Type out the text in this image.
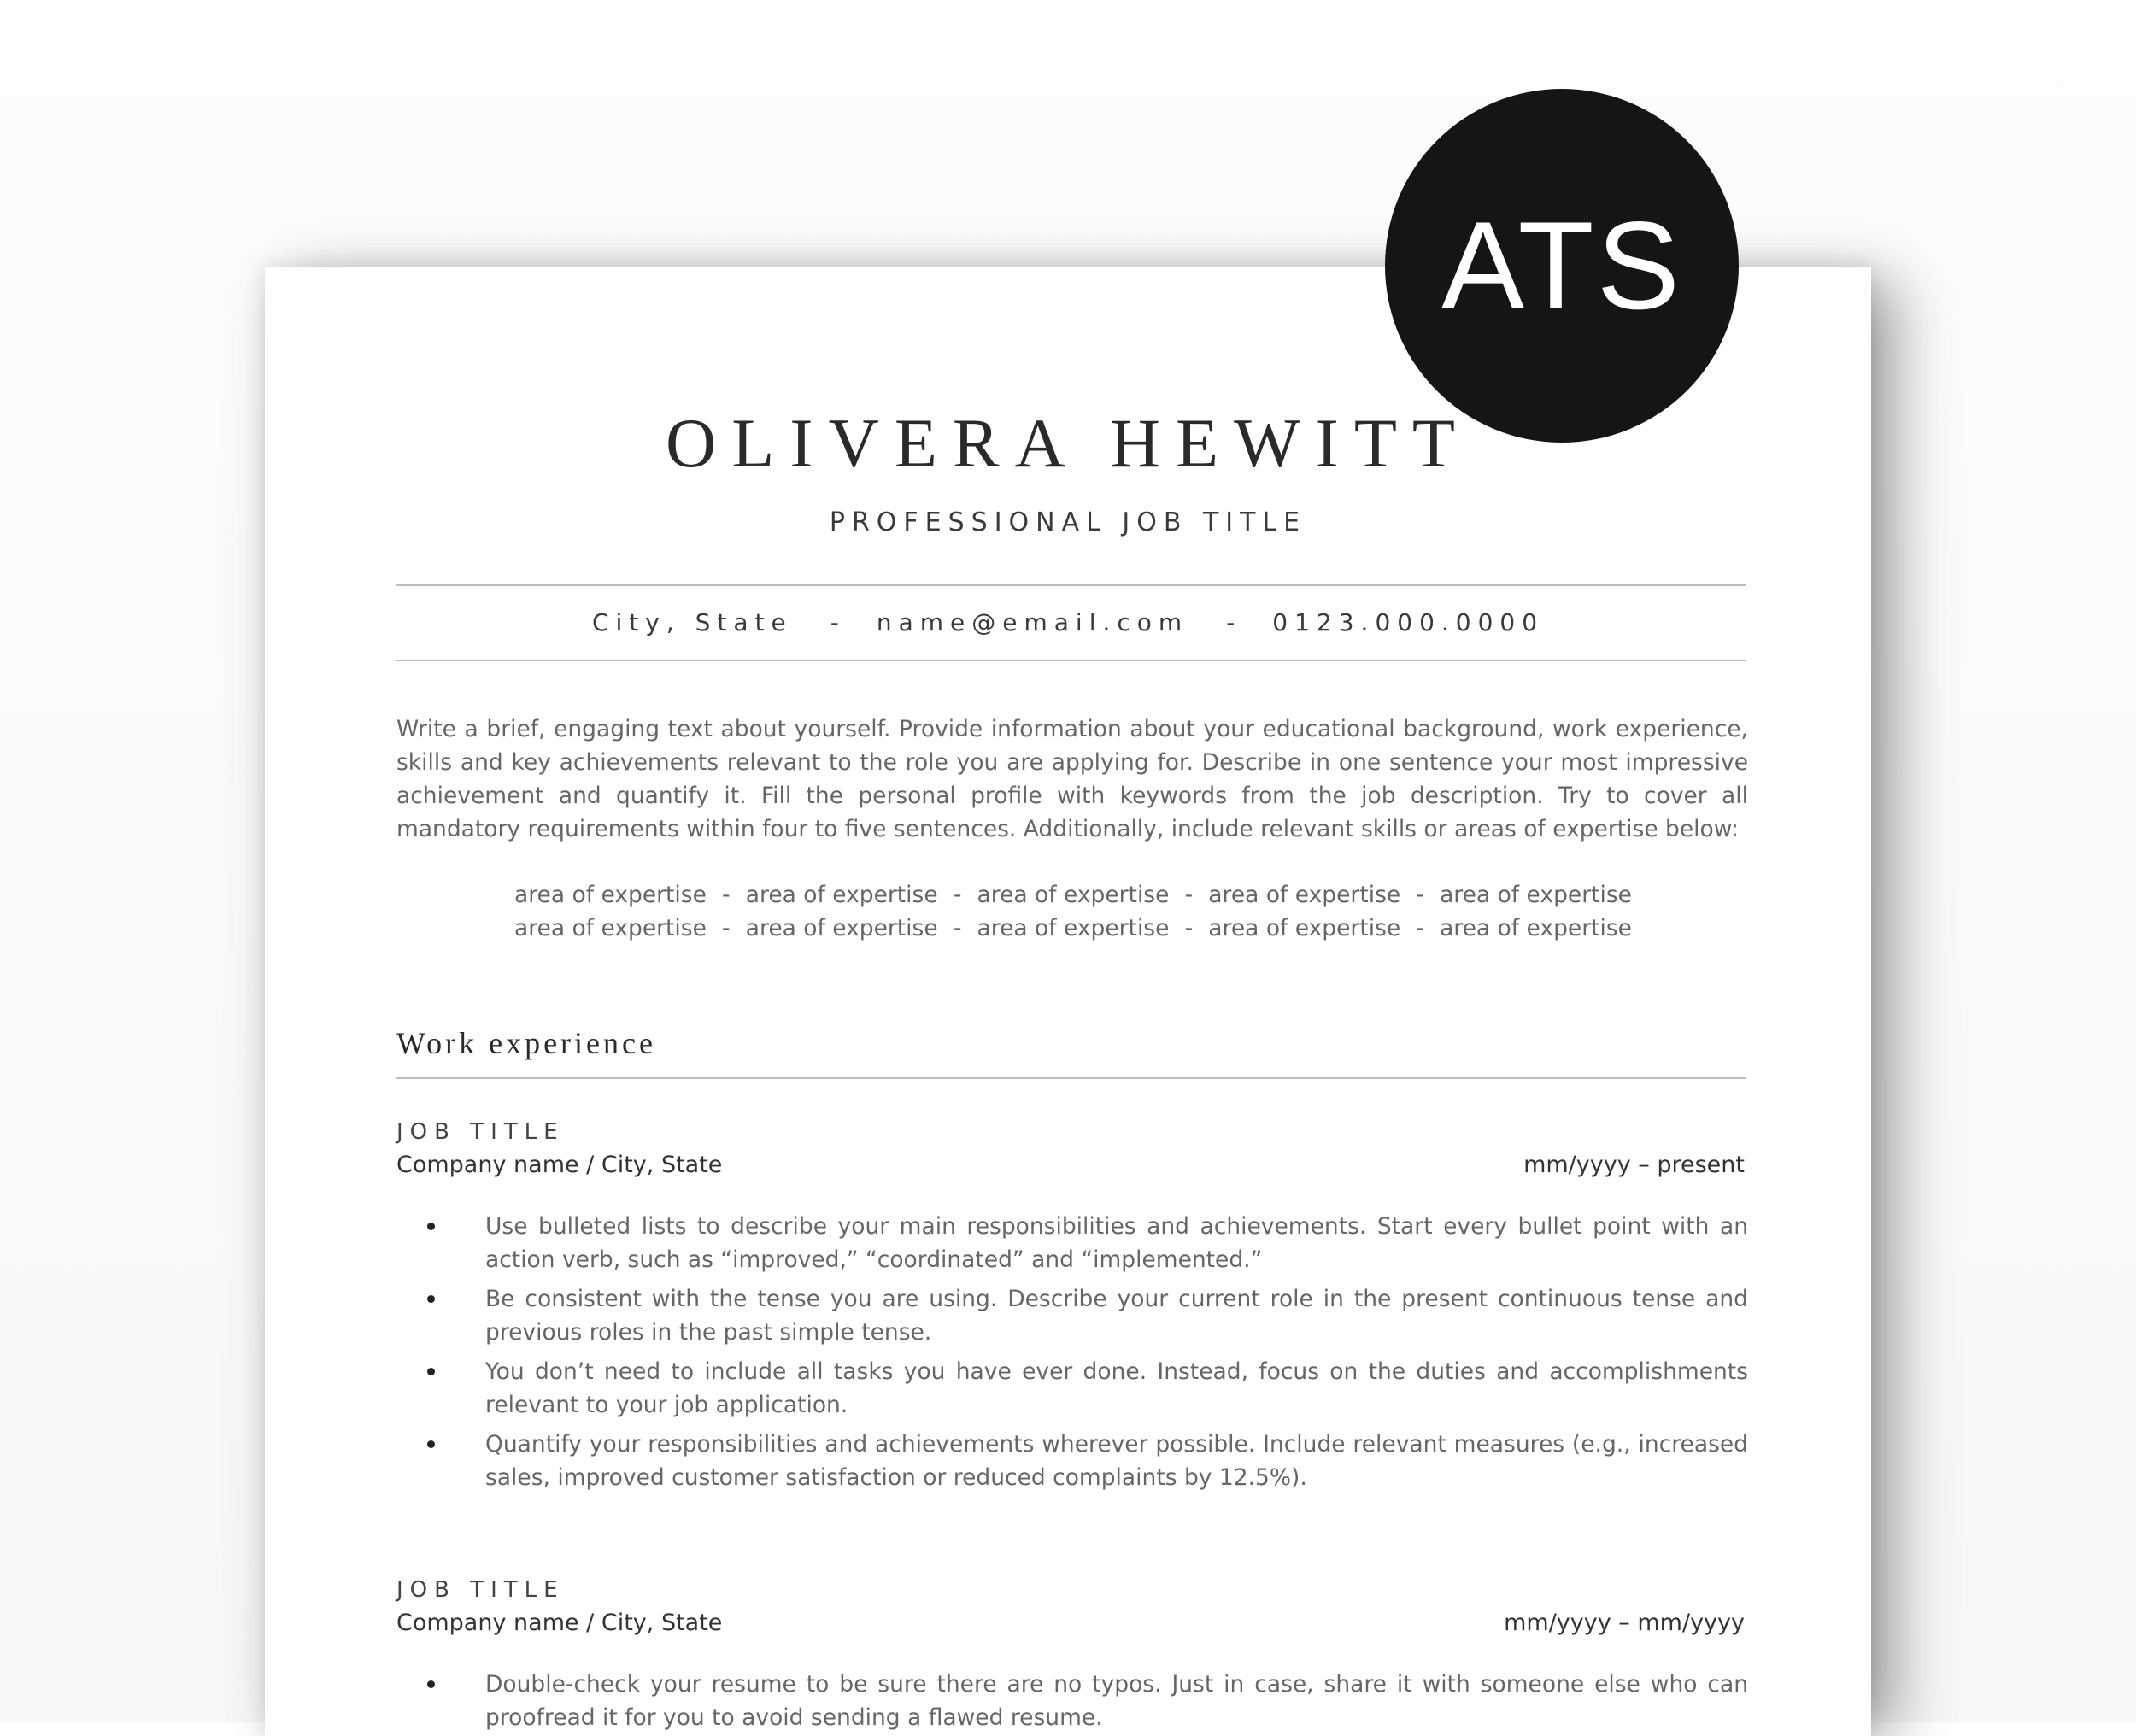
OLIVERA HEWITT
PROFESSIONAL JOB TITLE
City, State - name@email.com - 0123.000.0000

Write a brief, engaging text about yourself. Provide information about your educational background, work experience, skills and key achievements relevant to the role you are applying for. Describe in one sentence your most impressive achievement and quantify it. Fill the personal profile with keywords from the job description. Try to cover all mandatory requirements within four to five sentences. Additionally, include relevant skills or areas of expertise below:

area of expertise - area of expertise - area of expertise - area of expertise - area of expertise
area of expertise - area of expertise - area of expertise - area of expertise - area of expertise
Work experience
JOB TITLE
Company name / City, State	mm/yyyy – present
Use bulleted lists to describe your main responsibilities and achievements. Start every bullet point with an action verb, such as “improved,” “coordinated” and “implemented.”
Be consistent with the tense you are using. Describe your current role in the present continuous tense and previous roles in the past simple tense.
You don’t need to include all tasks you have ever done. Instead, focus on the duties and accomplishments relevant to your job application.
Quantify your responsibilities and achievements wherever possible. Include relevant measures (e.g., increased sales, improved customer satisfaction or reduced complaints by 12.5%).
JOB TITLE
Company name / City, State	mm/yyyy – mm/yyyy
Double-check your resume to be sure there are no typos. Just in case, share it with someone else who can proofread it for you to avoid sending a flawed resume.
ATS
